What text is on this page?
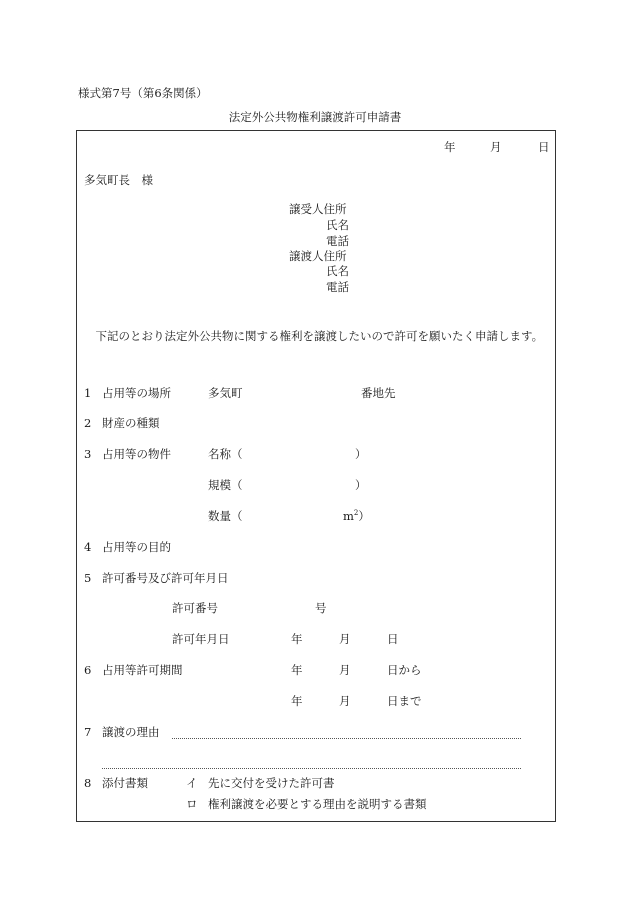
様式第7号（第6条関係）
法定外公共物権利譲渡許可申請書
年	月	日
多気町長　様
譲受人住所
氏名
電話
譲渡人住所
氏名
電話
　下記のとおり法定外公共物に関する権利を譲渡したいので許可を願いたく申請します。
1 占用等の場所	多気町	番地先
2 財産の種類
3 占用等の物件	名称（	）
規模（	）
数量（	$m^2$）
4 占用等の目的
5 許可番号及び許可年月日
許可番号	号
許可年月日	年	月	日
6 占用等許可期間	年	月	日から
年	月	日まで
7 譲渡の理由
8 添付書類	イ 先に交付を受けた許可書
ロ 権利譲渡を必要とする理由を説明する書類
